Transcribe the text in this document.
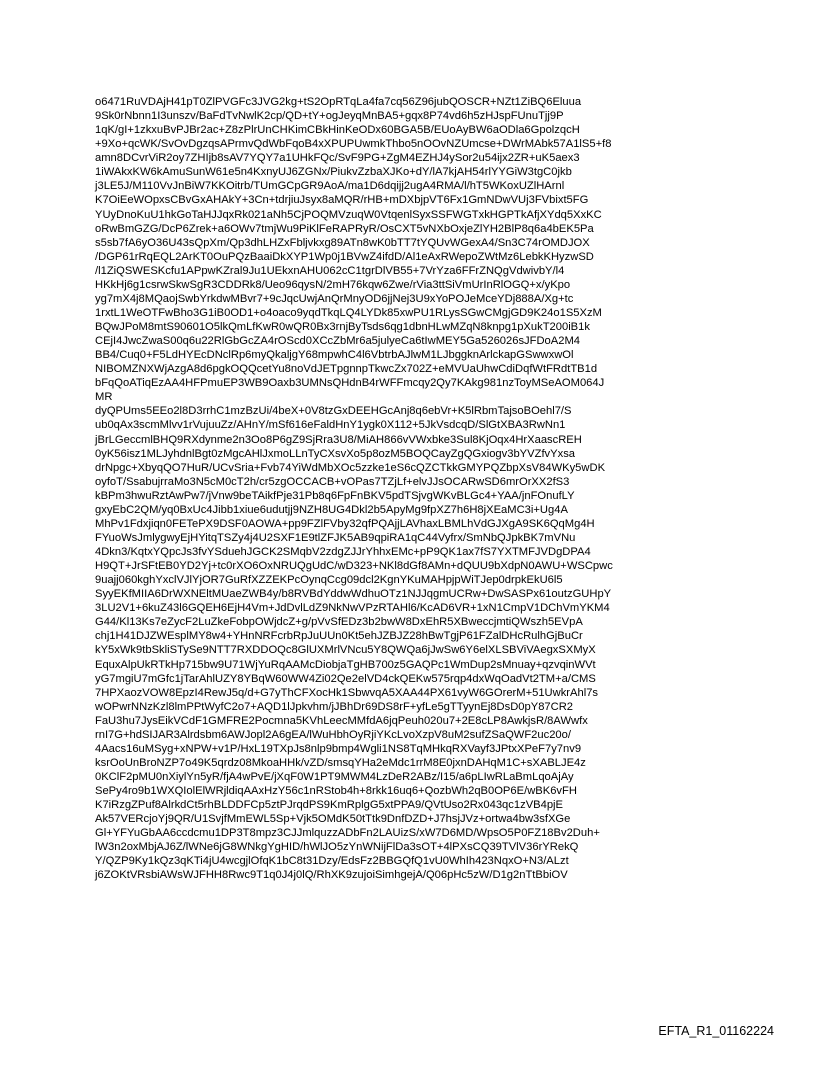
o6471RuVDAjH41pT0ZlPVGFc3JVG2kg+tS2OpRTqLa4fa7cq56Z96jubQOSCR+NZt1ZiBQ6Eluua
9Sk0rNbnn1I3unszv/BaFdTvNwlK2cp/QD+tY+ogJeyqMnBA5+gqx8P74vd6h5zHJspFUnuTjj9P
1qK/gI+1zkxuBvPJBr2ac+Z8zPlrUnCHKimCBkHinKeODx60BGA5B/EUoAyBW6aODla6GpolzqcH
+9Xo+qcWK/SvOvDgzqsAPrmvQdWbFqoB4xXPUPUwmkThbo5nOOvNZUmcse+DWrMAbk57A1lS5+f8
amn8DCvrViR2oy7ZHIjb8sAV7YQY7a1UHkFQc/SvF9PG+ZgM4EZHJ4ySor2u54ijx2ZR+uK5aex3
1iWAkxKW6kAmuSunW61e5n4KxnyUJ6ZGNx/PiukvZzbaXJKo+dY/lA7kjAH54rlYYGiW3tgC0jkb
j3LE5J/M110VvJnBiW7KKOitrb/TUmGCpGR9AoA/ma1D6dqijj2ugA4RMA/l/hT5WKoxUZlHArnl
K7OiEeWOpxsCBvGxAHAkY+3Cn+tdrjiuJsyx8aMQR/rHB+mDXbjpVT6Fx1GmNDwVUj3FVbixt5FG
YUyDnoKuU1hkGoTaHJJqxRk021aNh5CjPOQMVzuqW0VtqenlSyxSSFWGTxkHGPTkAfjXYdq5XxKC
oRwBmGZG/DcP6Zrek+a6OWv7tmjWu9PiKlFeRAPRyR/OsCXT5vNXbOxjeZlYH2BlP8q6a4bEK5Pa
s5sb7fA6yO36U43sQpXm/Qp3dhLHZxFbljvkxg89ATn8wK0bTT7tYQUvWGexA4/Sn3C74rOMDJOX
/DGP61rRqEQL2ArKT0OuPQzBaaiDkXYP1Wp0j1BVwZ4ifdD/Al1eAxRWepoZWtMz6LebkKHyzwSD
/l1ZiQSWESKcfu1APpwKZral9Ju1UEkxnAHU062cC1tgrDlVB55+7VrYza6FFrZNQgVdwivbY/l4
HKkHj6g1csrwSkwSgR3CDDRk8/Ueo96qysN/2mH76kqw6Zwe/rVia3ttSiVmUrInRlOGQ+x/yKpo
yg7mX4j8MQaojSwbYrkdwMBvr7+9cJqcUwjAnQrMnyOD6jjNej3U9xYoPOJeMceYDj888A/Xg+tc
1rxtL1WeOTFwBho3G1iB0OD1+o4oaco9yqdTkqLQ4LYDk85xwPU1RLysSGwCMgjGD9K24o1S5XzM
BQwJPoM8mtS90601O5lkQmLfKwR0wQR0Bx3rnjByTsds6qg1dbnHLwMZqN8knpg1pXukT200iB1k
CEjI4JwcZwaS00q6u22RlGbGcZA4rOScd0XCcZbMr6a5julyeCa6tIwMEY5Ga526026sJFDoA2M4
BB4/Cuq0+F5LdHYEcDNclRp6myQkaljgY68mpwhC4l6VbtrbAJlwM1LJbggknArlckapGSwwxwOl
NIBOMZNXWjAzgA8d6pgkOQQcetYu8noVdJETpgnnpTkwcZx702Z+eMVUaUhwCdiDqfWtFRdtTB1d
bFqQoATiqEzAA4HFPmuEP3WB9Oaxb3UMNsQHdnB4rWFFmcqy2Qy7KAkg981nzToyMSeAOM064J
MR
dyQPUms5EEo2l8D3rrhC1mzBzUi/4beX+0V8tzGxDEEHGcAnj8q6ebVr+K5lRbmTajsoBOehl7/S
ub0qAx3scmMlvv1rVujuuZz/AHnY/mSf616eFaldHnY1ygk0X112+5JkVsdcqD/SlGtXBA3RwNn1
jBrLGeccmlBHQ9RXdynme2n3Oo8P6gZ9SjRra3U8/MiAH866vVWxbke3Sul8KjOqx4HrXaascREH
0yK56isz1MLJyhdnlBgt0zMgcAHlJxmoLLnTyCXsvXo5p8ozM5BOQCayZgQGxiogv3bYVZfvYxsa
drNpgc+XbyqQO7HuR/UCvSria+Fvb74YiWdMbXOc5zzke1eS6cQZCTkkGMYPQZbpXsV84WKy5wDK
oyfoT/SsabujrraMo3N5cM0cT2h/cr5zgOCCACB+vOPas7TZjLf+elvJJsOCARwSD6mrOrXX2fS3
kBPm3hwuRztAwPw7/jVnw9beTAikfPje31Pb8q6FpFnBKV5pdTSjvgWKvBLGc4+YAA/jnFOnufLY
gxyEbC2QM/yq0BxUc4Jibb1xiue6udutjj9NZH8UG4Dkl2b5ApyMg9fpXZ7h6H8jXEaMC3i+Ug4A
MhPv1Fdxjiqn0FETePX9DSF0AOWA+pp9FZlFVby32qfPQAjjLAVhaxLBMLhVdGJXgA9SK6QqMg4H
FYuoWsJmlygwyEjHYitqTSZy4j4U2SXF1E9tlZFJK5AB9qpiRA1qC44Vyfrx/SmNbQJpkBK7mVNu
4Dkn3/KqtxYQpcJs3fvYSduehJGCK2SMqbV2zdgZJJrYhhxEMc+pP9QK1ax7fS7YXTMFJVDgDPA4
H9QT+JrSFtEB0YD2Yj+tc0rXO6OxNRUQgUdC/wD323+NKl8dGf8AMn+dQUU9bXdpN0AWU+WSCpwc
9uajj060kghYxclVJlYjOR7GuRfXZZEKPcOynqCcg09dcl2KgnYKuMAHpjpWiTJep0drpkEkU6l5
SyyEKfMIIA6DrWXNEltMUaeZWB4y/b8RVBdYddwWdhuOTz1NJJqgmUCRw+DwSASPx61outzGUHpY
3LU2V1+6kuZ43l6GQEH6EjH4Vm+JdDvlLdZ9NkNwVPzRTAHl6/KcAD6VR+1xN1CmpV1DChVmYKM4
G44/Kl13Ks7eZycF2LuZkeFobpOWjdcZ+g/pVvSfEDz3b2bwW8DxEhR5XBweccjmtiQWszh5EVpA
chj1H41DJZWEsplMY8w4+YHnNRFcrbRpJuUUn0Kt5ehJZBJZ28hBwTgjP61FZalDHcRulhGjBuCr
kY5xWk9tbSkliSTySe9NTT7RXDDOQc8GlUXMrlVNcu5Y8QWQa6jJwSw6Y6elXLSBViVAegxSXMyX
EquxAlpUkRTkHp715bw9U71WjYuRqAAMcDiobjaTgHB700z5GAQPc1WmDup2sMnuay+qzvqinWVt
yG7mgiU7mGfc1jTarAhlUZY8YBqW60WW4Zi02Qe2elVD4ckQEKw575rqp4dxWqOadVt2TM+a/CMS
7HPXaozVOW8EpzI4RewJ5q/d+G7yThCFXocHk1SbwvqA5XAA44PX61vyW6GOrerM+51UwkrAhl7s
wOPwrNNzKzl8lmPPtWyfC2o7+AQD1lJpkvhm/jJBhDr69DS8rF+yfLe5gTTyynEj8DsD0pY87CR2
FaU3hu7JysEikVCdF1GMFRE2Pocmna5KVhLeecMMfdA6jqPeuh020u7+2E8cLP8AwkjsR/8AWwfx
rnI7G+hdSIJAR3Alrdsbm6AWJopl2A6gEA/lWuHbhOyRjiYKcLvoXzpV8uM2sufZSaQWF2uc20o/
4Aacs16uMSyg+xNPW+v1P/HxL19TXpJs8nlp9bmp4Wgli1NS8TqMHkqRXVayf3JPtxXPeF7y7nv9
ksrOoUnBroNZP7o49K5qrdz08MkoaHHk/vZD/smsqYHa2eMdc1rrM8E0jxnDAHqM1C+sXABLJE4z
0KClF2pMU0nXiylYn5yR/fjA4wPvE/jXqF0W1PT9MWM4LzDeR2ABz/I15/a6pLIwRLaBmLqoAjAy
SePy4ro9b1WXQIolElWRjldiqAAxHzY56c1nRStob4h+8rkk16uq6+QozbWh2qB0OP6E/wBK6vFH
K7iRzgZPuf8AlrkdCt5rhBLDDFCp5ztPJrqdPS9KmRplgG5xtPPA9/QVtUso2Rx043qc1zVB4pjE
Ak57VERcjoYj9QR/U1SvjfMmEWL5Sp+Vjk5OMdK50tTtk9DnfDZD+J7hsjJVz+ortwa4bw3sfXGe
Gl+YFYuGbAA6ccdcmu1DP3T8mpz3CJJmlquzzADbFn2LAUizS/xW7D6MD/WpsO5P0FZ18Bv2Duh+
lW3n2oxMbjAJ6Z/lWNe6jG8WNkgYgHID/hWlJO5zYnWNijFlDa3sOT+4lPXsCQ39TVlV36rYRekQ
Y/QZP9Ky1kQz3qKTi4jU4wcgjlOfqK1bC8t31Dzy/EdsFz2BBGQfQ1vU0WhIh423NqxO+N3/ALzt
j6ZOKtVRsbiAWsWJFHH8Rwc9T1q0J4j0lQ/RhXK9zujoiSimhgejA/Q06pHc5zW/D1g2nTtBbiOV
EFTA_R1_01162224
